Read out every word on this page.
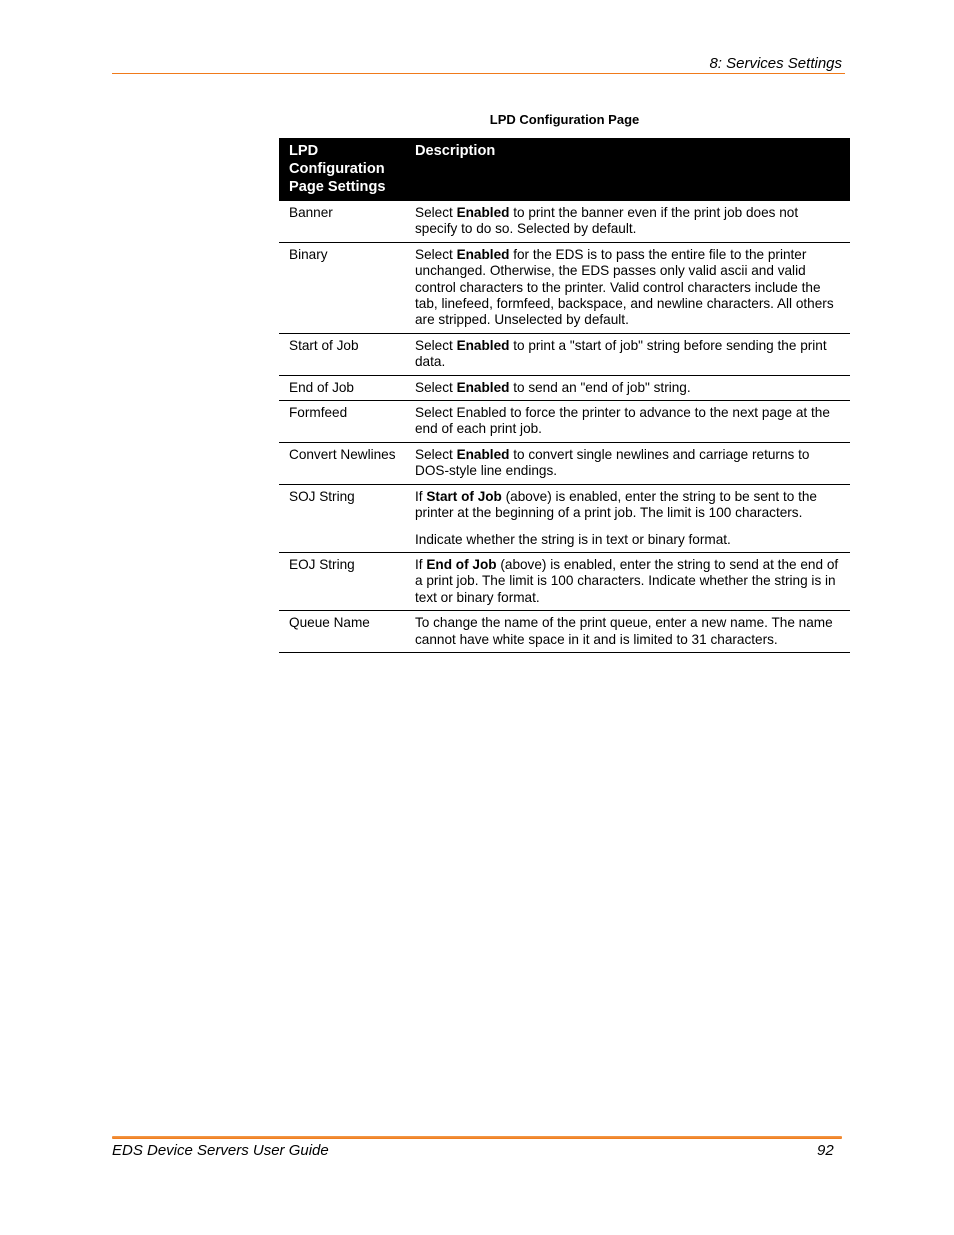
8: Services Settings
LPD Configuration Page
LPD Configuration Page Settings	Description
Banner	Select Enabled to print the banner even if the print job does not specify to do so. Selected by default.

Binary	Select Enabled for the EDS is to pass the entire file to the printer unchanged. Otherwise, the EDS passes only valid ascii and valid control characters to the printer. Valid control characters include the tab, linefeed, formfeed, backspace, and newline characters. All others are stripped. Unselected by default.

Start of Job	Select Enabled to print a "start of job" string before sending the print data.

End of Job	Select Enabled to send an "end of job" string.

Formfeed	Select Enabled to force the printer to advance to the next page at the end of each print job.

Convert Newlines	Select Enabled to convert single newlines and carriage returns to DOS-style line endings.

SOJ String	If Start of Job (above) is enabled, enter the string to be sent to the printer at the beginning of a print job. The limit is 100 characters.

Indicate whether the string is in text or binary format.

EOJ String	If End of Job (above) is enabled, enter the string to send at the end of a print job. The limit is 100 characters. Indicate whether the string is in text or binary format.

Queue Name	To change the name of the print queue, enter a new name. The name cannot have white space in it and is limited to 31 characters.

EDS Device Servers User Guide	92
